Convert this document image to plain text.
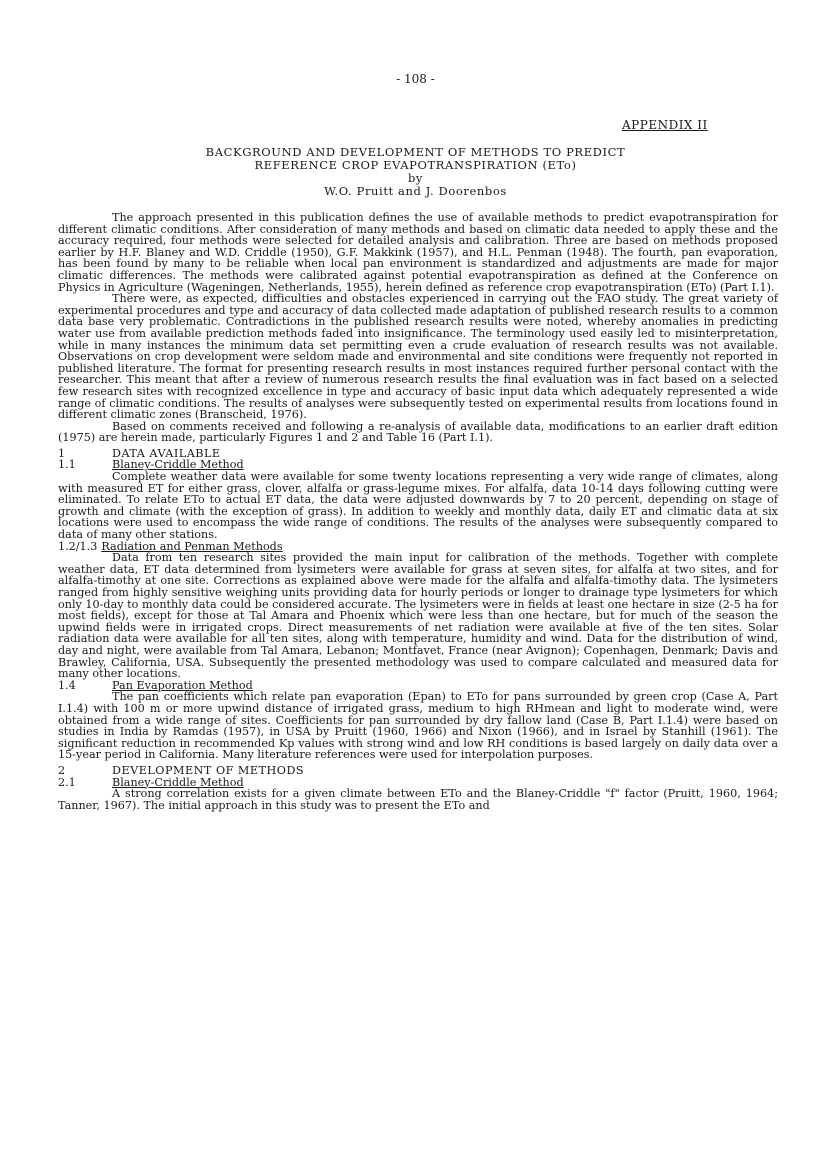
- 108 -
APPENDIX II
BACKGROUND AND DEVELOPMENT OF METHODS TO PREDICT
REFERENCE CROP EVAPOTRANSPIRATION (ETo)
by
W.O. Pruitt and J. Doorenbos

The approach presented in this publication defines the use of available methods to predict evapotranspiration for different climatic conditions. After consideration of many methods and based on climatic data needed to apply these and the accuracy required, four methods were selected for detailed analysis and calibration. Three are based on methods proposed earlier by H.F. Blaney and W.D. Criddle (1950), G.F. Makkink (1957), and H.L. Penman (1948). The fourth, pan evaporation, has been found by many to be reliable when local pan environment is standardized and adjustments are made for major climatic differences. The methods were calibrated against potential evapotranspiration as defined at the Conference on Physics in Agriculture (Wageningen, Netherlands, 1955), herein defined as reference crop evapotranspiration (ETo) (Part I.1).

There were, as expected, difficulties and obstacles experienced in carrying out the FAO study. The great variety of experimental procedures and type and accuracy of data collected made adaptation of published research results to a common data base very problematic. Contradictions in the published research results were noted, whereby anomalies in predicting water use from available prediction methods faded into insignificance. The terminology used easily led to misinterpretation, while in many instances the minimum data set permitting even a crude evaluation of research results was not available. Observations on crop development were seldom made and environmental and site conditions were frequently not reported in published literature. The format for presenting research results in most instances required further personal contact with the researcher. This meant that after a review of numerous research results the final evaluation was in fact based on a selected few research sites with recognized excellence in type and accuracy of basic input data which adequately represented a wide range of climatic conditions. The results of analyses were subsequently tested on experimental results from locations found in different climatic zones (Branscheid, 1976).

Based on comments received and following a re-analysis of available data, modifications to an earlier draft edition (1975) are herein made, particularly Figures 1 and 2 and Table 16 (Part I.1).

1	DATA AVAILABLE
1.1	Blaney-Criddle Method

Complete weather data were available for some twenty locations representing a very wide range of climates, along with measured ET for either grass, clover, alfalfa or grass-legume mixes. For alfalfa, data 10-14 days following cutting were eliminated. To relate ETo to actual ET data, the data were adjusted downwards by 7 to 20 percent, depending on stage of growth and climate (with the exception of grass). In addition to weekly and monthly data, daily ET and climatic data at six locations were used to encompass the wide range of conditions. The results of the analyses were subsequently compared to data of many other stations.

1.2/1.3 Radiation and Penman Methods

Data from ten research sites provided the main input for calibration of the methods. Together with complete weather data, ET data determined from lysimeters were available for grass at seven sites, for alfalfa at two sites, and for alfalfa-timothy at one site. Corrections as explained above were made for the alfalfa and alfalfa-timothy data. The lysimeters ranged from highly sensitive weighing units providing data for hourly periods or longer to drainage type lysimeters for which only 10-day to monthly data could be considered accurate. The lysimeters were in fields at least one hectare in size (2-5 ha for most fields), except for those at Tal Amara and Phoenix which were less than one hectare, but for much of the season the upwind fields were in irrigated crops. Direct measurements of net radiation were available at five of the ten sites. Solar radiation data were available for all ten sites, along with temperature, humidity and wind. Data for the distribution of wind, day and night, were available from Tal Amara, Lebanon; Montfavet, France (near Avignon); Copenhagen, Denmark; Davis and Brawley, California, USA. Subsequently the presented methodology was used to compare calculated and measured data for many other locations.

1.4	Pan Evaporation Method

The pan coefficients which relate pan evaporation (Epan) to ETo for pans surrounded by green crop (Case A, Part I.1.4) with 100 m or more upwind distance of irrigated grass, medium to high RHmean and light to moderate wind, were obtained from a wide range of sites. Coefficients for pan surrounded by dry fallow land (Case B, Part I.1.4) were based on studies in India by Ramdas (1957), in USA by Pruitt (1960, 1966) and Nixon (1966), and in Israel by Stanhill (1961). The significant reduction in recommended Kp values with strong wind and low RH conditions is based largely on daily data over a 15-year period in California. Many literature references were used for interpolation purposes.

2	DEVELOPMENT OF METHODS
2.1	Blaney-Criddle Method

A strong correlation exists for a given climate between ETo and the Blaney-Criddle "f" factor (Pruitt, 1960, 1964; Tanner, 1967). The initial approach in this study was to present the ETo and
